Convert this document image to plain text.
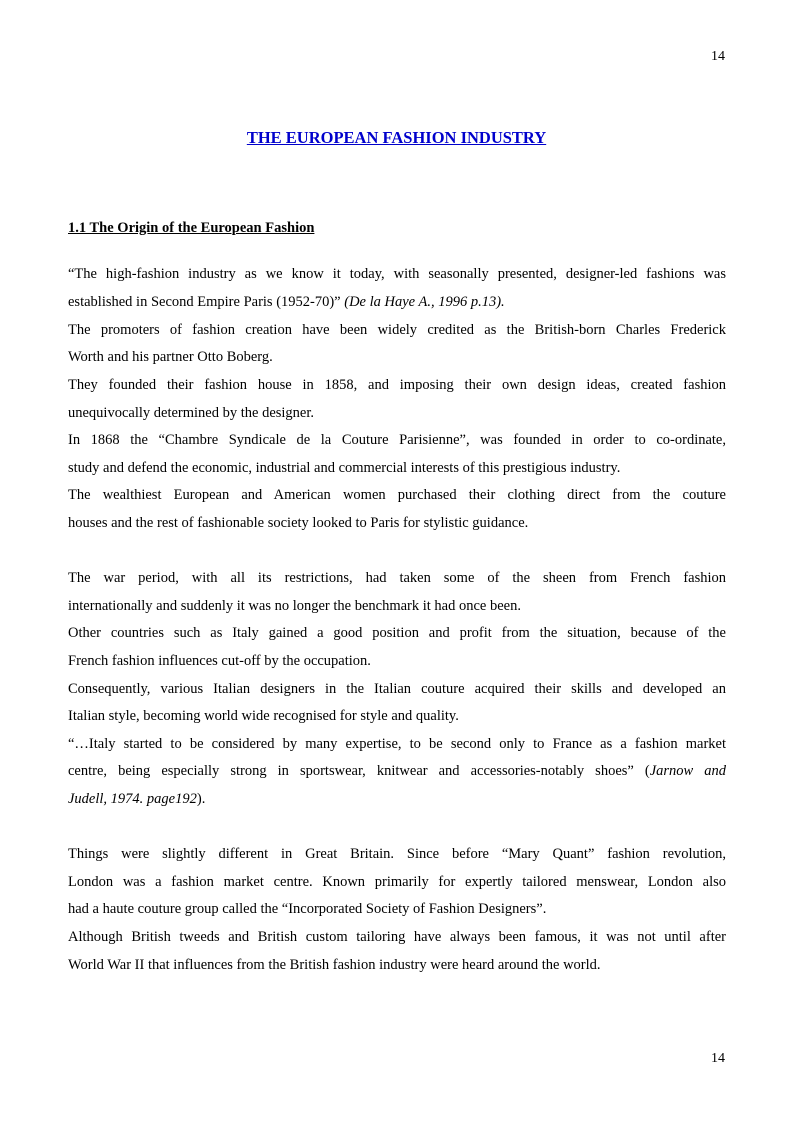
14
THE EUROPEAN FASHION INDUSTRY
1.1 The Origin of the European Fashion
“The high-fashion industry as we know it today, with seasonally presented, designer-led fashions was
established in Second Empire Paris (1952-70)” (De la Haye A., 1996 p.13).
The promoters of fashion creation have been widely credited as the British-born Charles Frederick
Worth and his partner Otto Boberg.
They founded their fashion house in 1858, and imposing their own design ideas, created fashion
unequivocally determined by the designer.
In 1868 the “Chambre Syndicale de la Couture Parisienne”, was founded in order to co-ordinate,
study and defend the economic, industrial and commercial interests of this prestigious industry.
The wealthiest European and American women purchased their clothing direct from the couture
houses and the rest of fashionable society looked to Paris for stylistic guidance.
The war period, with all its restrictions, had taken some of the sheen from French fashion
internationally and suddenly it was no longer the benchmark it had once been.
Other countries such as Italy gained a good position and profit from the situation, because of the
French fashion influences cut-off by the occupation.
Consequently, various Italian designers in the Italian couture acquired their skills and developed an
Italian style, becoming world wide recognised for style and quality.
“…Italy started to be considered by many expertise, to be second only to France as a fashion market
centre, being especially strong in sportswear, knitwear and accessories-notably shoes” (Jarnow and
Judell, 1974. page192).
Things were slightly different in Great Britain. Since before “Mary Quant” fashion revolution,
London was a fashion market centre. Known primarily for expertly tailored menswear, London also
had a haute couture group called the “Incorporated Society of Fashion Designers”.
Although British tweeds and British custom tailoring have always been famous, it was not until after
World War II that influences from the British fashion industry were heard around the world.
14
